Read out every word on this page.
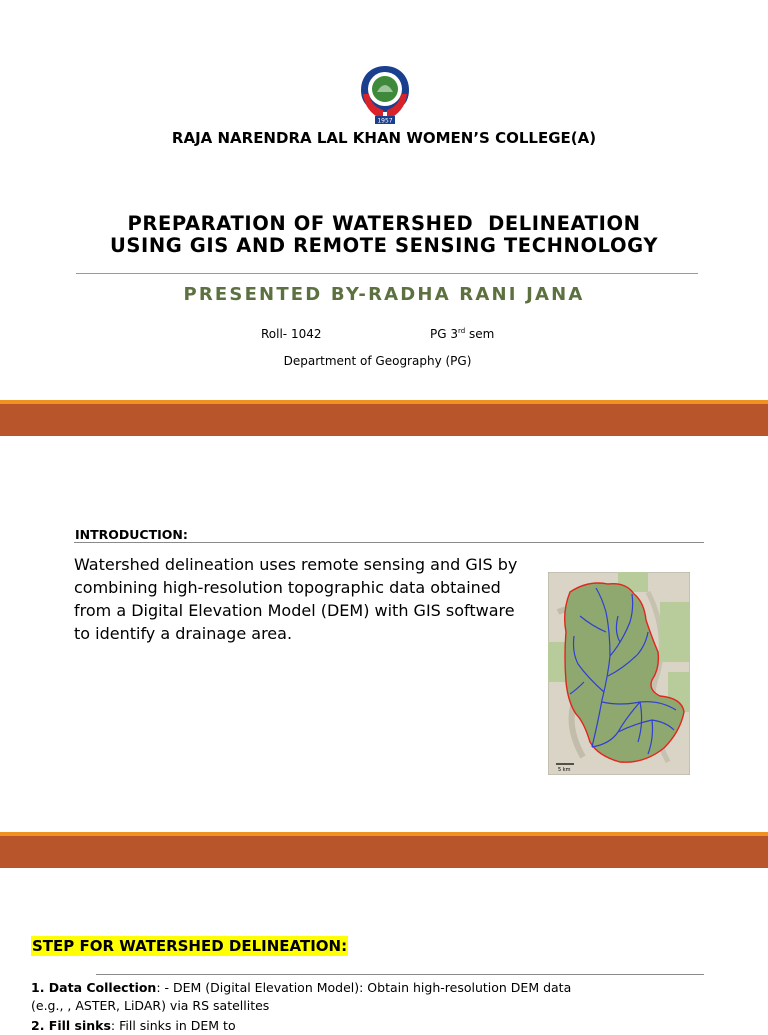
1957
RAJA NARENDRA LAL KHAN WOMEN’S COLLEGE(A)
PREPARATION OF WATERSHED  DELINEATION
USING GIS AND REMOTE SENSING TECHNOLOGY
PRESENTED BY-RADHA RANI JANA
Roll- 1042	PG 3rd sem
Department of Geography (PG)
INTRODUCTION:
Watershed delineation uses remote sensing and GIS by combining high-resolution topographic data obtained from a Digital Elevation Model (DEM) with GIS software to identify a drainage area.
5 km
STEP FOR WATERSHED DELINEATION:
1. Data Collection: - DEM (Digital Elevation Model): Obtain high-resolution DEM data (e.g., , ASTER, LiDAR) via RS satellites
2. Fill sinks: Fill sinks in DEM to
